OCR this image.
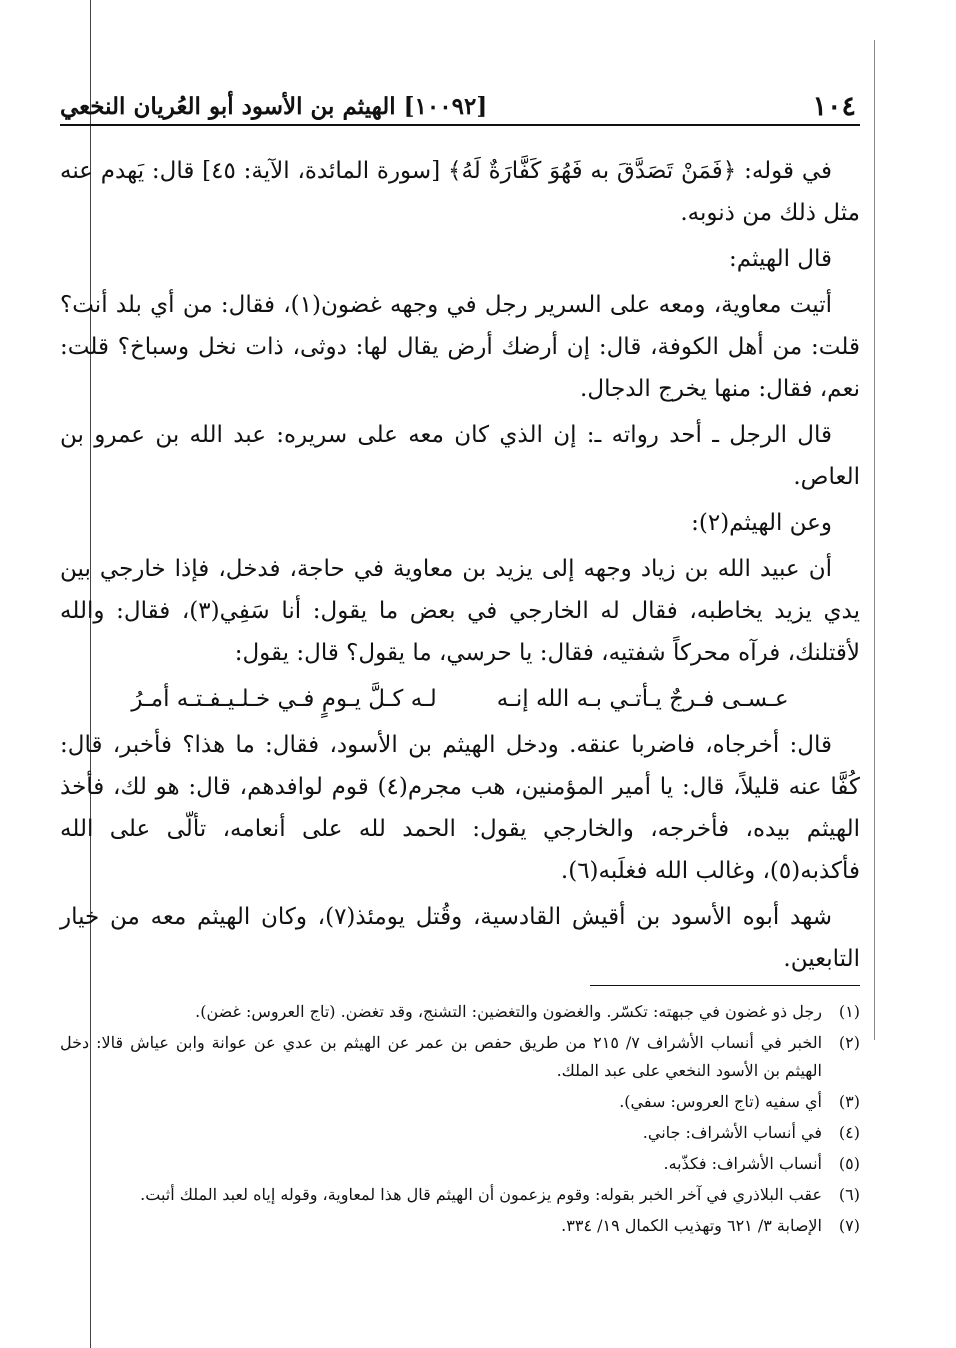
١٠٤
[١٠٠٩٢] الهيثم بن الأسود أبو العُريان النخعي

في قوله: ﴿فَمَنْ تَصَدَّقَ به فَهُوَ كَفَّارَةٌ لَهُ﴾ [سورة المائدة، الآية: ٤٥] قال: يَهدم عنه مثل ذلك من ذنوبه.

قال الهيثم:

أتيت معاوية، ومعه على السرير رجل في وجهه غضون(١)، فقال: من أي بلد أنت؟ قلت: من أهل الكوفة، قال: إن أرضك أرض يقال لها: دوثى، ذات نخل وسباخ؟ قلت: نعم، فقال: منها يخرج الدجال.

قال الرجل ـ أحد رواته ـ: إن الذي كان معه على سريره: عبد الله بن عمرو بن العاص.

وعن الهيثم(٢):

أن عبيد الله بن زياد وجهه إلى يزيد بن معاوية في حاجة، فدخل، فإذا خارجي بين يدي يزيد يخاطبه، فقال له الخارجي في بعض ما يقول: أنا سَفِي(٣)، فقال: والله لأقتلنك، فرآه محركاً شفتيه، فقال: يا حرسي، ما يقول؟ قال: يقول:

عـسـى فـرجٌ يـأتـي بـه الله إنـه
لـه كـلَّ يـومٍ فـي خـلـيـفـتـه أمـرُ

قال: أخرجاه، فاضربا عنقه. ودخل الهيثم بن الأسود، فقال: ما هذا؟ فأخبر، قال: كُفَّا عنه قليلاً، قال: يا أمير المؤمنين، هب مجرم(٤) قوم لوافدهم، قال: هو لك، فأخذ الهيثم بيده، فأخرجه، والخارجي يقول: الحمد لله على أنعامه، تألّى على الله فأكذبه(٥)، وغالب الله فغلَبه(٦).

شهد أبوه الأسود بن أقيش القادسية، وقُتل يومئذ(٧)، وكان الهيثم معه من خيار التابعين.

(١)
رجل ذو غضون في جبهته: تكسّر. والغضون والتغضين: التشنج، وقد تغضن. (تاج العروس: غضن).
(٢)
الخبر في أنساب الأشراف ٧/ ٢١٥ من طريق حفص بن عمر عن الهيثم بن عدي عن عوانة وابن عياش قالا: دخل الهيثم بن الأسود النخعي على عبد الملك.
(٣)
أي سفيه (تاج العروس: سفي).
(٤)
في أنساب الأشراف: جاني.
(٥)
أنساب الأشراف: فكذّبه.
(٦)
عقب البلاذري في آخر الخبر بقوله: وقوم يزعمون أن الهيثم قال هذا لمعاوية، وقوله إياه لعبد الملك أثبت.
(٧)
الإصابة ٣/ ٦٢١ وتهذيب الكمال ١٩/ ٣٣٤.
